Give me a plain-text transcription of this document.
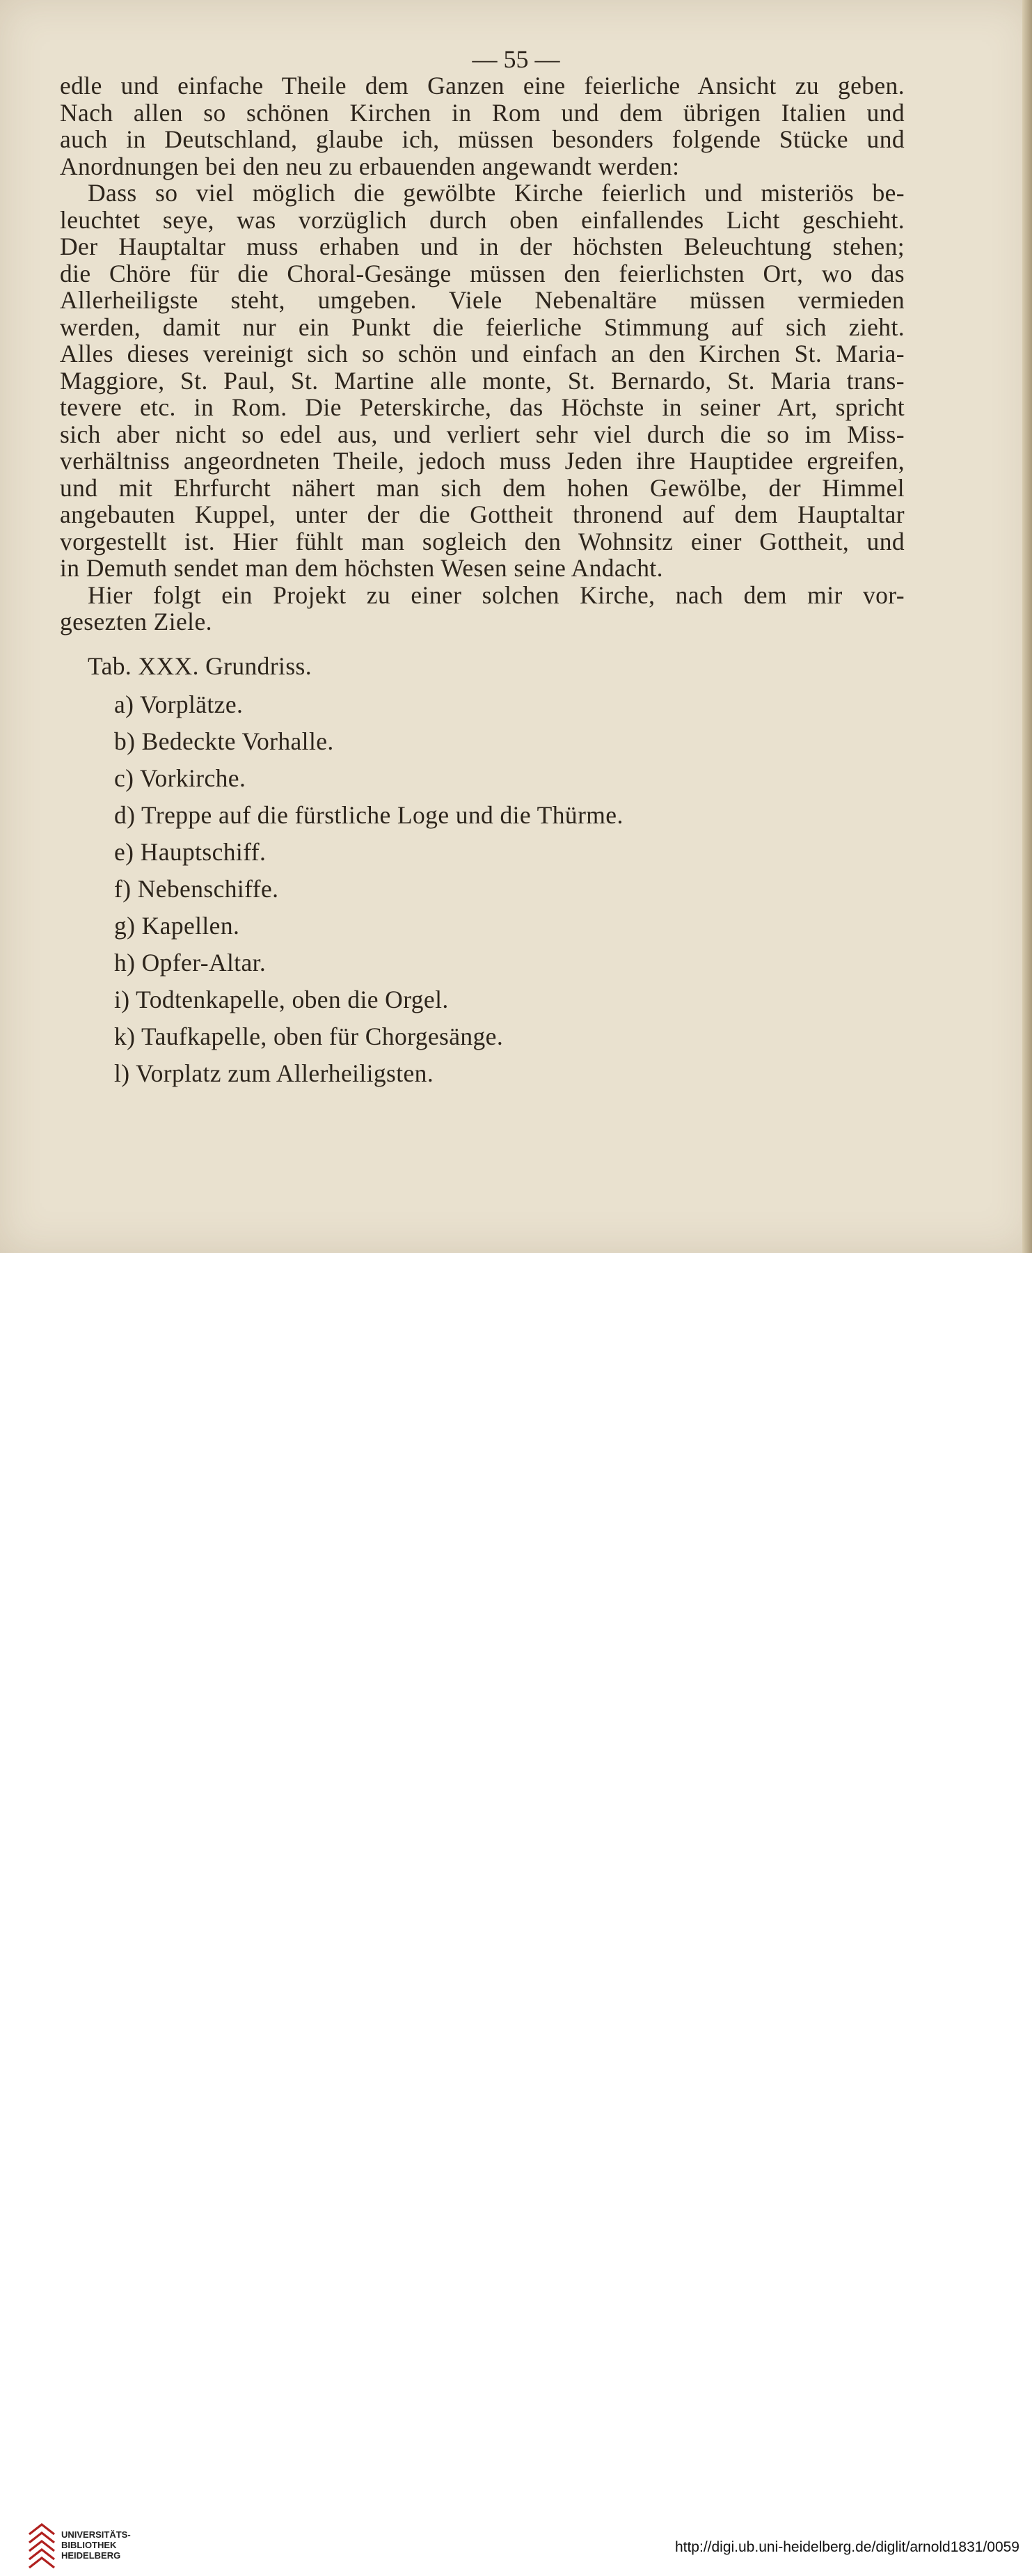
— 55 —
edle und einfache Theile dem Ganzen eine feierliche Ansicht zu geben.
Nach allen so schönen Kirchen in Rom und dem übrigen Italien und
auch in Deutschland, glaube ich, müssen besonders folgende Stücke und
Anordnungen bei den neu zu erbauenden angewandt werden:
Dass so viel möglich die gewölbte Kirche feierlich und misteriös be-
leuchtet seye, was vorzüglich durch oben einfallendes Licht geschieht.
Der Hauptaltar muss erhaben und in der höchsten Beleuchtung stehen;
die Chöre für die Choral-Gesänge müssen den feierlichsten Ort, wo das
Allerheiligste steht, umgeben. Viele Nebenaltäre müssen vermieden
werden, damit nur ein Punkt die feierliche Stimmung auf sich zieht.
Alles dieses vereinigt sich so schön und einfach an den Kirchen St. Maria-
Maggiore, St. Paul, St. Martine alle monte, St. Bernardo, St. Maria trans-
tevere etc. in Rom. Die Peterskirche, das Höchste in seiner Art, spricht
sich aber nicht so edel aus, und verliert sehr viel durch die so im Miss-
verhältniss angeordneten Theile, jedoch muss Jeden ihre Hauptidee ergreifen,
und mit Ehrfurcht nähert man sich dem hohen Gewölbe, der Himmel
angebauten Kuppel, unter der die Gottheit thronend auf dem Hauptaltar
vorgestellt ist. Hier fühlt man sogleich den Wohnsitz einer Gottheit, und
in Demuth sendet man dem höchsten Wesen seine Andacht.
Hier folgt ein Projekt zu einer solchen Kirche, nach dem mir vor-
gesezten Ziele.
Tab. XXX. Grundriss.
a) Vorplätze.
b) Bedeckte Vorhalle.
c) Vorkirche.
d) Treppe auf die fürstliche Loge und die Thürme.
e) Hauptschiff.
f) Nebenschiffe.
g) Kapellen.
h) Opfer-Altar.
i) Todtenkapelle, oben die Orgel.
k) Taufkapelle, oben für Chorgesänge.
l) Vorplatz zum Allerheiligsten.
UNIVERSITÄTS-
BIBLIOTHEK
HEIDELBERG
http://digi.ub.uni-heidelberg.de/diglit/arnold1831/0059
